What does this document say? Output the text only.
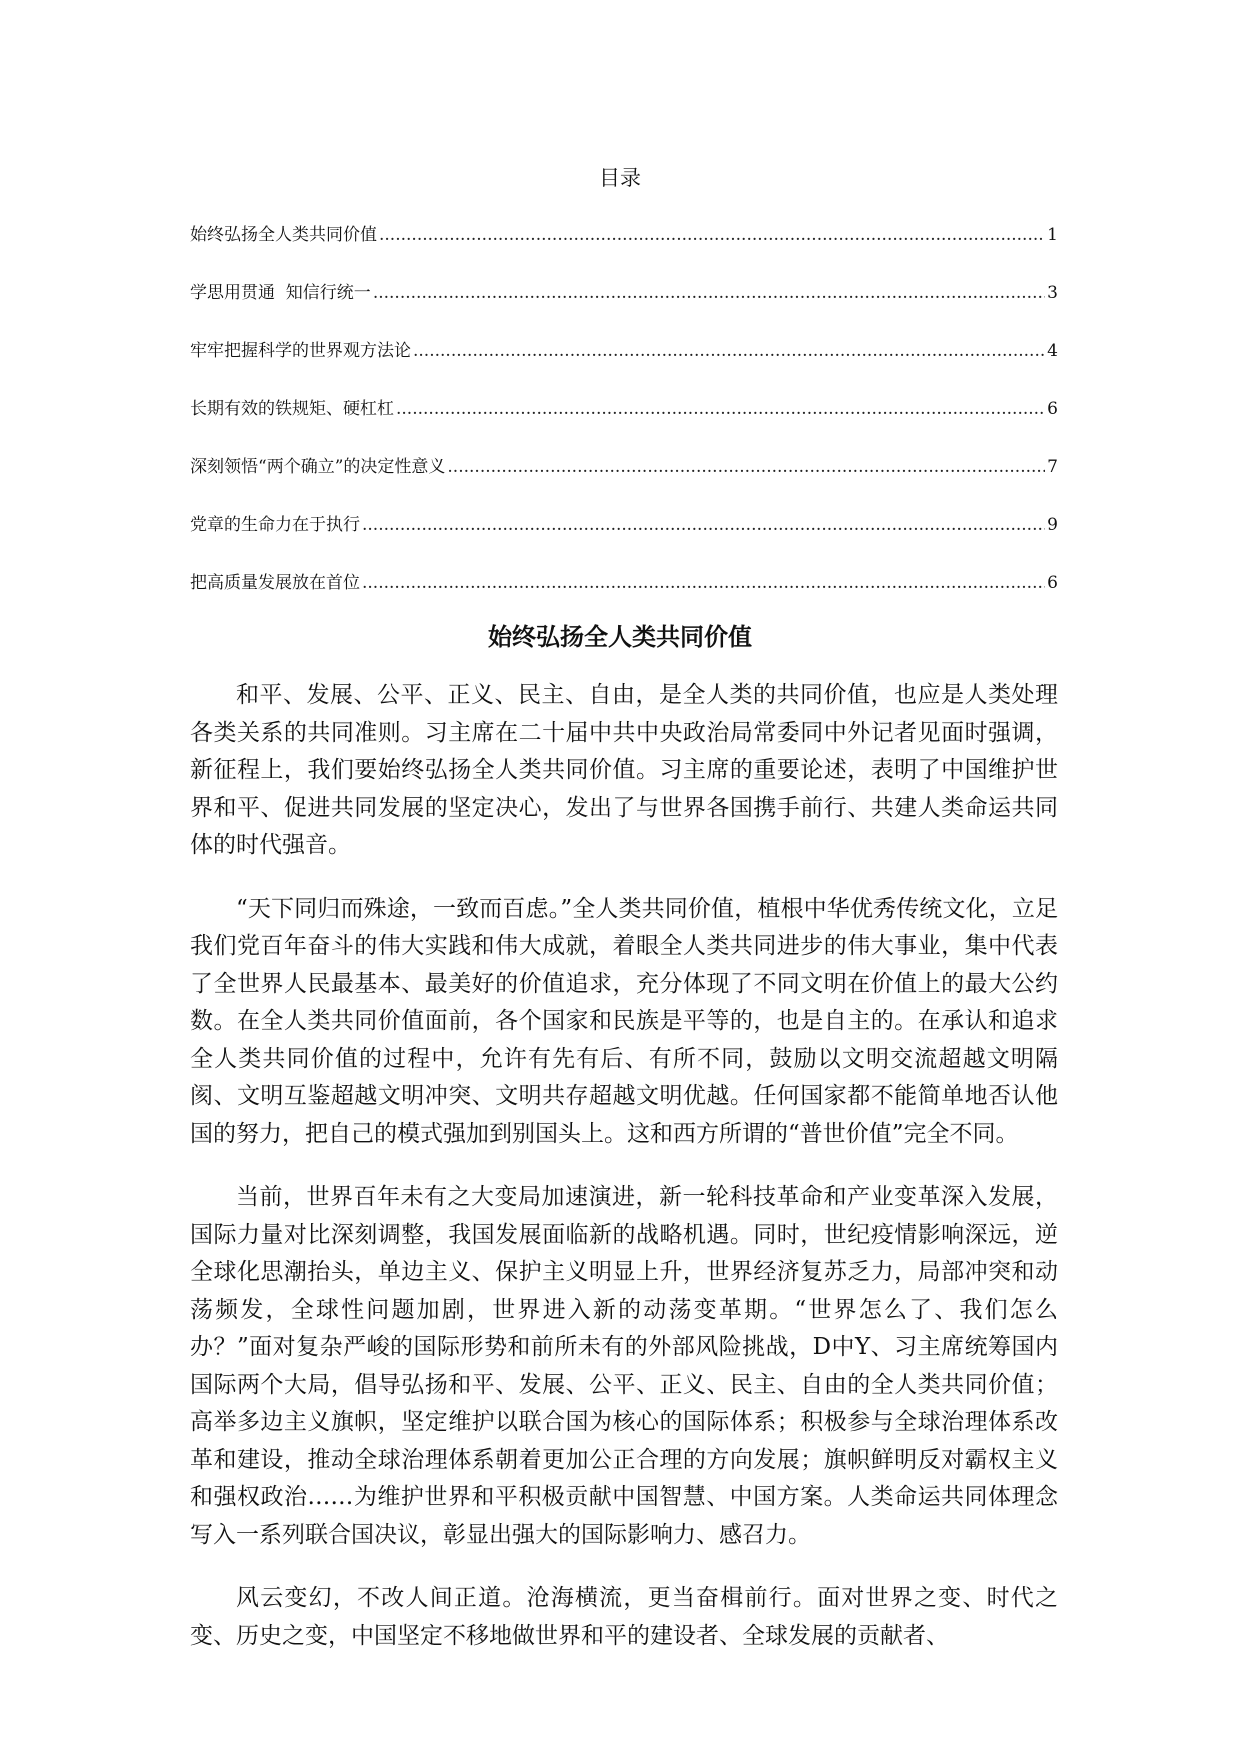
目录
始终弘扬全人类共同价值 .....	1
学思用贯通  知信行统一 .....	3
牢牢把握科学的世界观方法论 .....	4
长期有效的铁规矩、硬杠杠 .....	6
深刻领悟“两个确立”的决定性意义 .....	7
党章的生命力在于执行 .....	9
把高质量发展放在首位 .....	6
始终弘扬全人类共同价值

和平、发展、公平、正义、民主、自由，是全人类的共同价值，也应是人类处理各类关系的共同准则。习主席在二十届中共中央政治局常委同中外记者见面时强调，新征程上，我们要始终弘扬全人类共同价值。习主席的重要论述，表明了中国维护世界和平、促进共同发展的坚定决心，发出了与世界各国携手前行、共建人类命运共同体的时代强音。

“天下同归而殊途，一致而百虑。”全人类共同价值，植根中华优秀传统文化，立足我们党百年奋斗的伟大实践和伟大成就，着眼全人类共同进步的伟大事业，集中代表了全世界人民最基本、最美好的价值追求，充分体现了不同文明在价值上的最大公约数。在全人类共同价值面前，各个国家和民族是平等的，也是自主的。在承认和追求全人类共同价值的过程中，允许有先有后、有所不同，鼓励以文明交流超越文明隔阂、文明互鉴超越文明冲突、文明共存超越文明优越。任何国家都不能简单地否认他国的努力，把自己的模式强加到别国头上。这和西方所谓的“普世价值”完全不同。

当前，世界百年未有之大变局加速演进，新一轮科技革命和产业变革深入发展，国际力量对比深刻调整，我国发展面临新的战略机遇。同时，世纪疫情影响深远，逆全球化思潮抬头，单边主义、保护主义明显上升，世界经济复苏乏力，局部冲突和动荡频发，全球性问题加剧，世界进入新的动荡变革期。“世界怎么了、我们怎么办？”面对复杂严峻的国际形势和前所未有的外部风险挑战，D中Y、习主席统筹国内国际两个大局，倡导弘扬和平、发展、公平、正义、民主、自由的全人类共同价值；高举多边主义旗帜，坚定维护以联合国为核心的国际体系；积极参与全球治理体系改革和建设，推动全球治理体系朝着更加公正合理的方向发展；旗帜鲜明反对霸权主义和强权政治……为维护世界和平积极贡献中国智慧、中国方案。人类命运共同体理念写入一系列联合国决议，彰显出强大的国际影响力、感召力。

风云变幻，不改人间正道。沧海横流，更当奋楫前行。面对世界之变、时代之变、历史之变，中国坚定不移地做世界和平的建设者、全球发展的贡献者、
